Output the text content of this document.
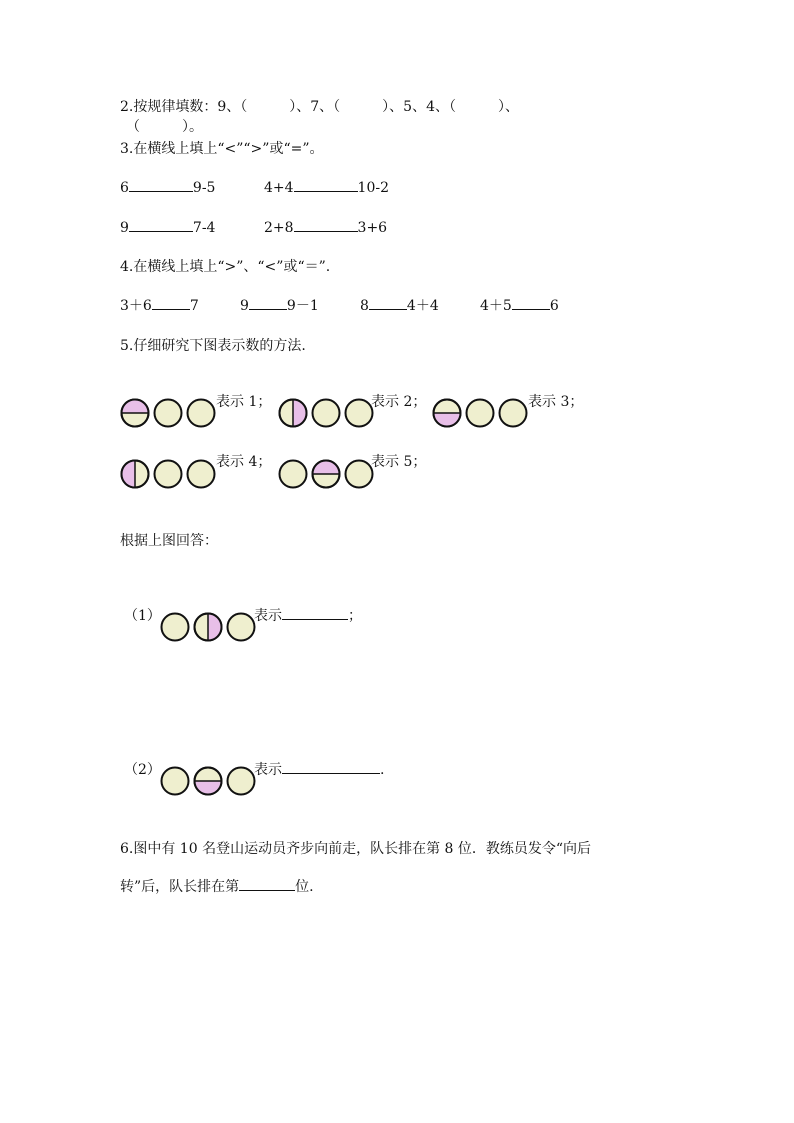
2.按规律填数：9、（　　　）、7、（　　　）、5、4、（　　　）、
（　　　）。
3.在横线上填上“<”“>”或“=”。
6	9-5	4+4	10-2
9	7-4	2+8	3+6
4.在横线上填上“>”、“<”或“＝”.
3＋6	7	9	9－1	8	4＋4	4＋5	6
5.仔细研究下图表示数的方法.
表示 1；	表示 2；	表示 3；
表示 4；	表示 5；
根据上图回答：
（1）	表示	；
（2）	表示	.
6.图中有 10 名登山运动员齐步向前走，队长排在第 8 位．教练员发令“向后
转”后，队长排在第	位.
